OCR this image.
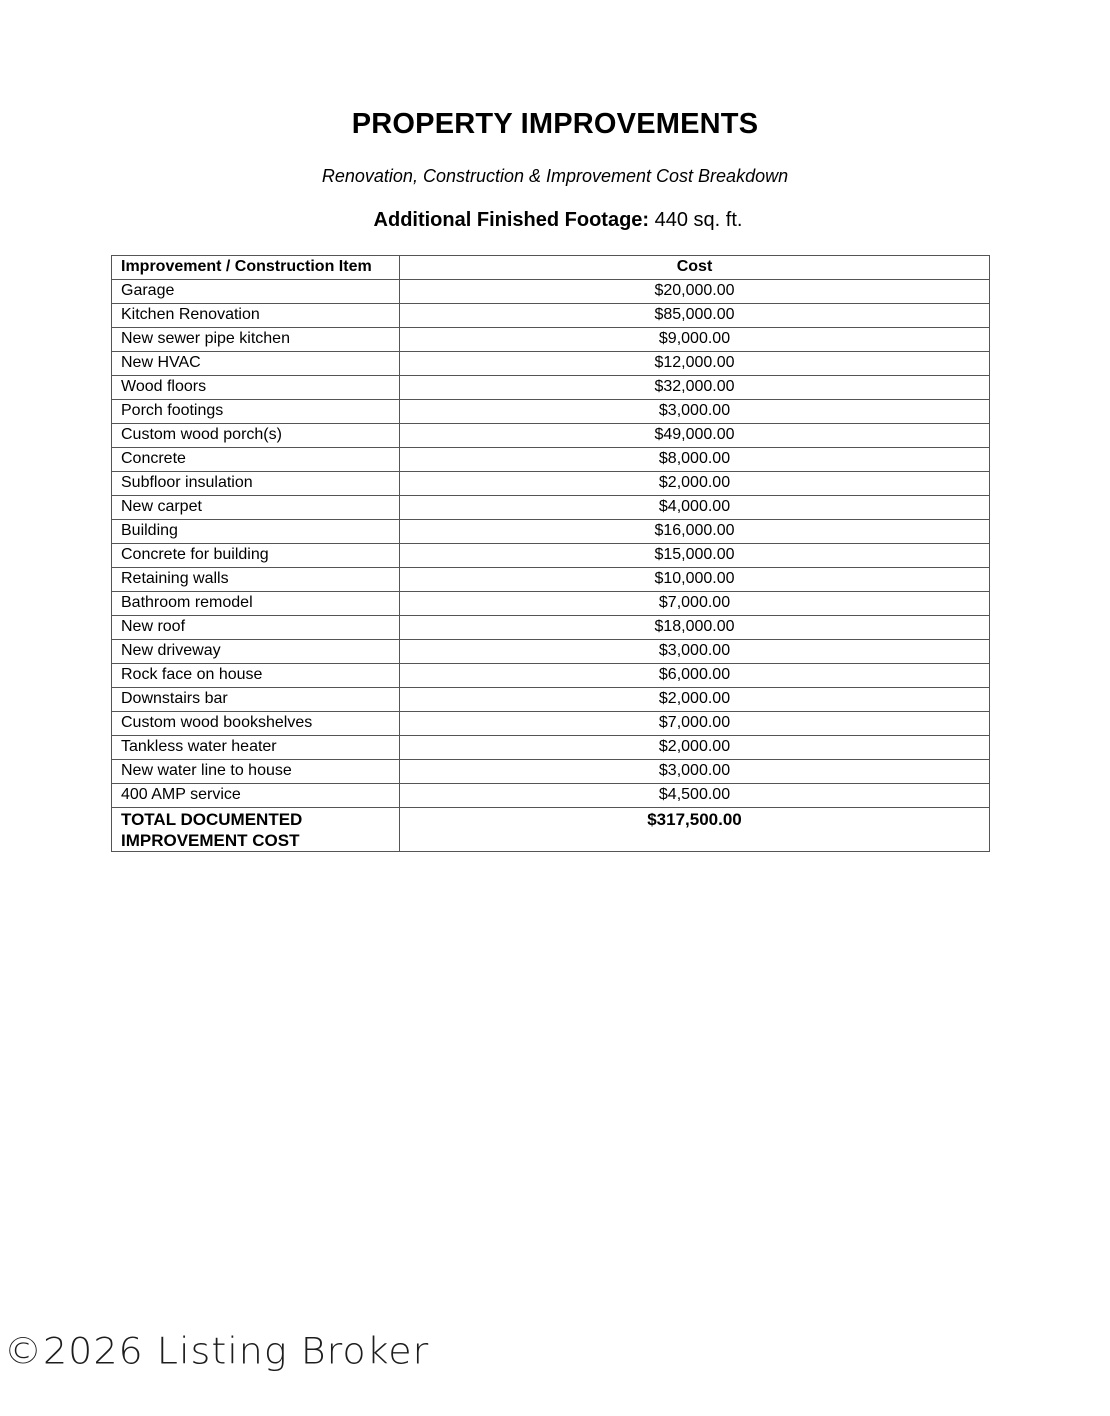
PROPERTY IMPROVEMENTS
Renovation, Construction & Improvement Cost Breakdown
Additional Finished Footage: 440 sq. ft.
Improvement / Construction Item	Cost
Garage	$20,000.00
Kitchen Renovation	$85,000.00
New sewer pipe kitchen	$9,000.00
New HVAC	$12,000.00
Wood floors	$32,000.00
Porch footings	$3,000.00
Custom wood porch(s)	$49,000.00
Concrete	$8,000.00
Subfloor insulation	$2,000.00
New carpet	$4,000.00
Building	$16,000.00
Concrete for building	$15,000.00
Retaining walls	$10,000.00
Bathroom remodel	$7,000.00
New roof	$18,000.00
New driveway	$3,000.00
Rock face on house	$6,000.00
Downstairs bar	$2,000.00
Custom wood bookshelves	$7,000.00
Tankless water heater	$2,000.00
New water line to house	$3,000.00
400 AMP service	$4,500.00
TOTAL DOCUMENTED IMPROVEMENT COST	$317,500.00
©2026 Listing Broker
